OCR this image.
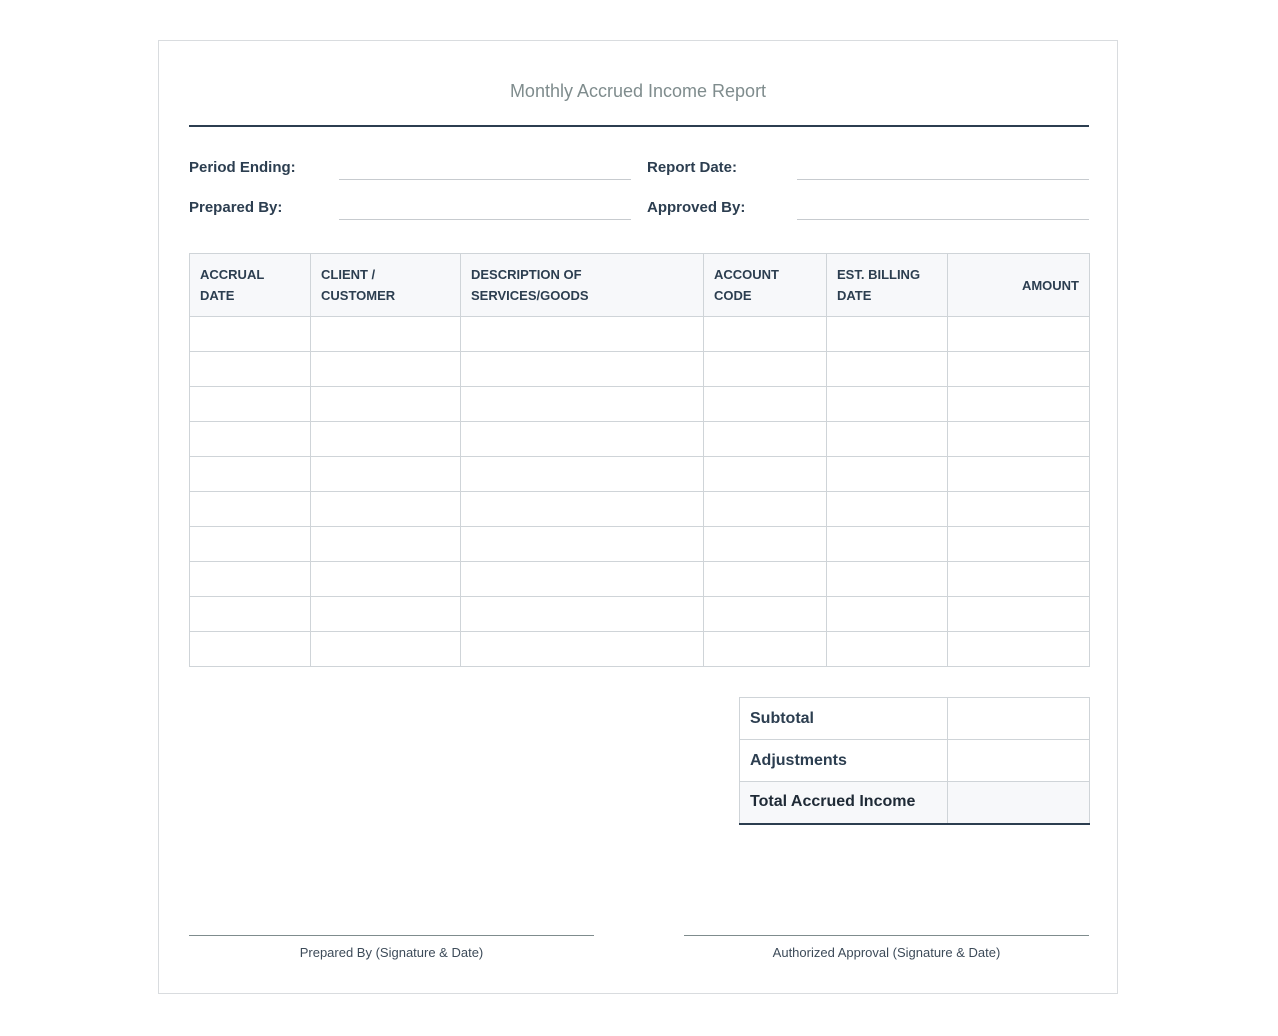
Monthly Accrued Income Report
Period Ending:	Report Date:
Prepared By:	Approved By:
ACCRUAL DATE	CLIENT / CUSTOMER	DESCRIPTION OF SERVICES/GOODS	ACCOUNT CODE	EST. BILLING DATE	AMOUNT

Subtotal	
Adjustments	
Total Accrued Income	
Prepared By (Signature & Date)	Authorized Approval (Signature & Date)
